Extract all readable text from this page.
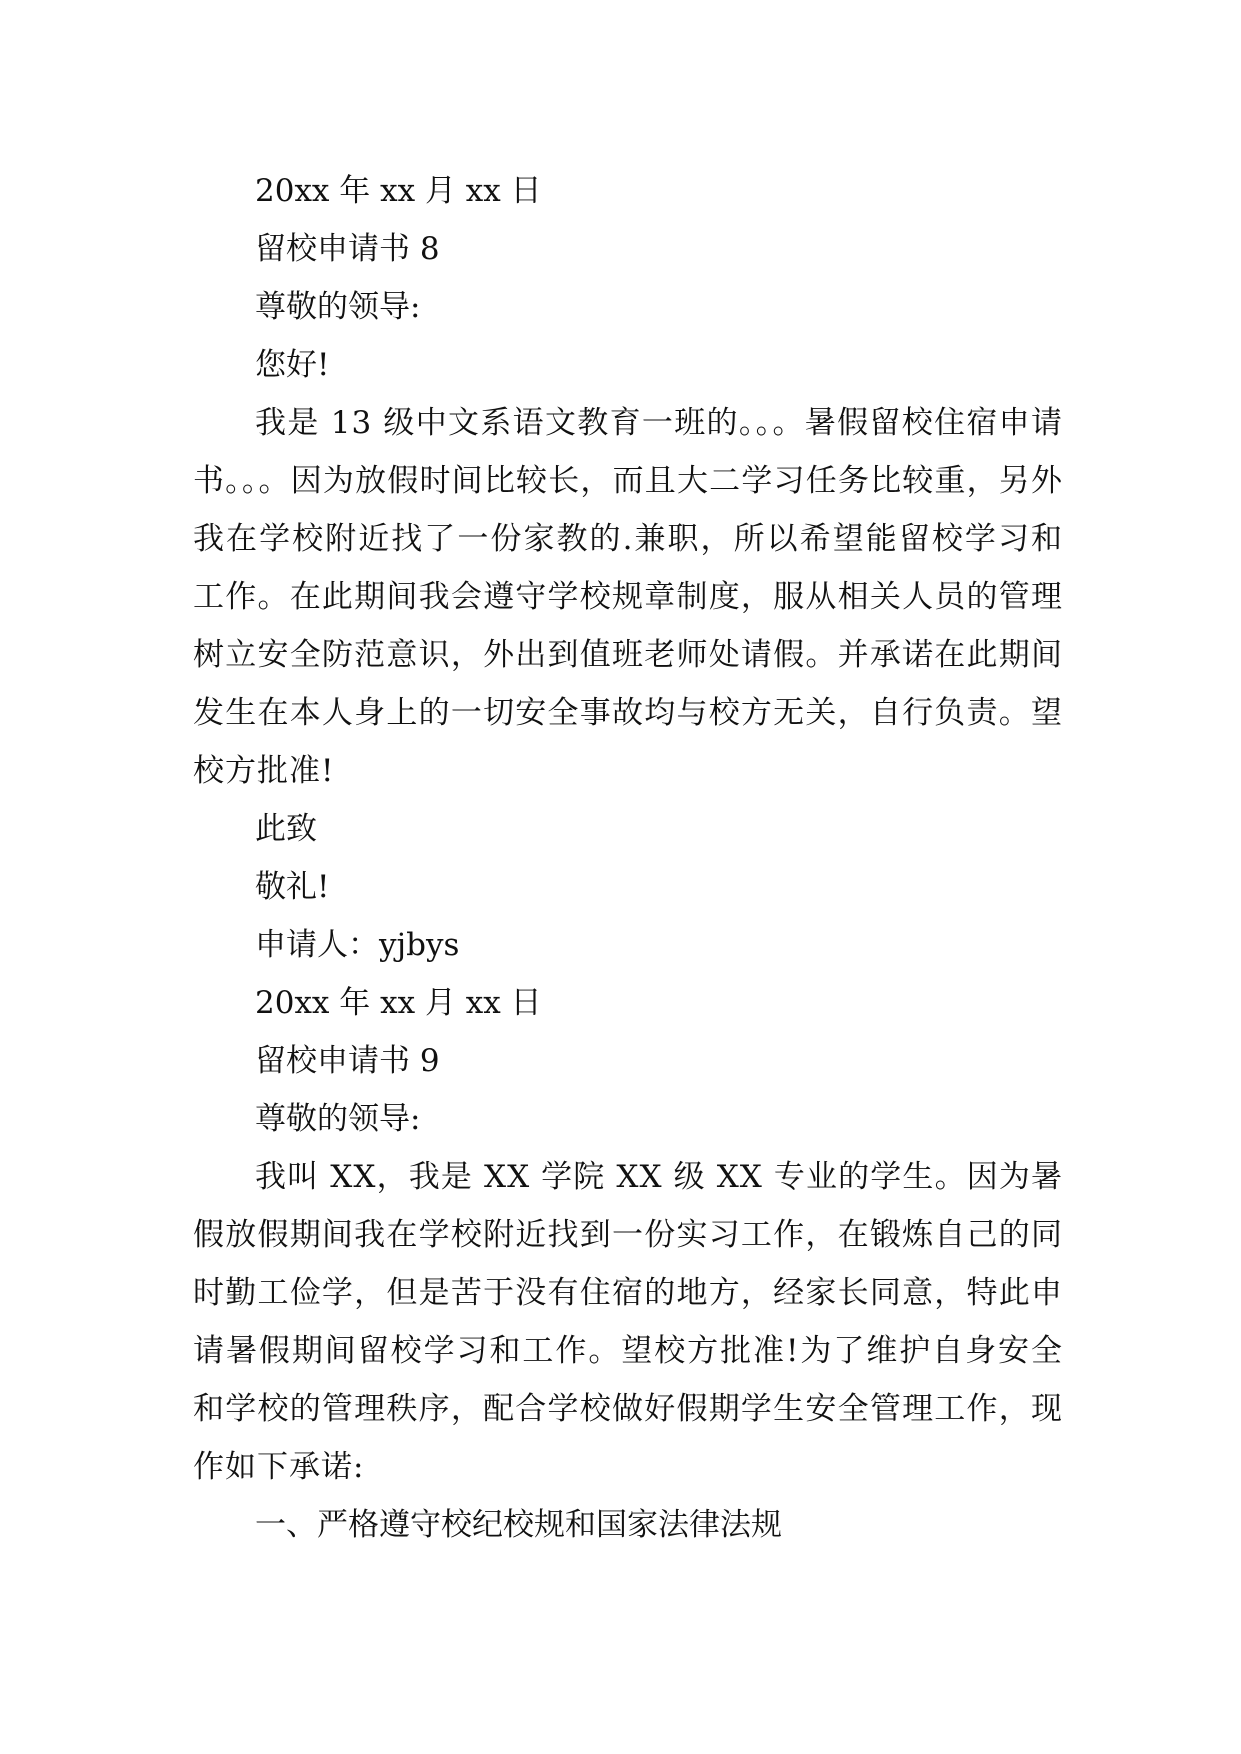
20xx 年 xx 月 xx 日

留校申请书 8

尊敬的领导:

您好!

我是 13 级中文系语文教育一班的。。。暑假留校住宿申请书。。。因为放假时间比较长，而且大二学习任务比较重，另外我在学校附近找了一份家教的.兼职，所以希望能留校学习和工作。在此期间我会遵守学校规章制度，服从相关人员的管理树立安全防范意识，外出到值班老师处请假。并承诺在此期间发生在本人身上的一切安全事故均与校方无关，自行负责。望校方批准!

此致

敬礼!

申请人：yjbys

20xx 年 xx 月 xx 日

留校申请书 9

尊敬的领导:

我叫 XX，我是 XX 学院 XX 级 XX 专业的学生。因为暑假放假期间我在学校附近找到一份实习工作，在锻炼自己的同时勤工俭学，但是苦于没有住宿的地方，经家长同意，特此申请暑假期间留校学习和工作。望校方批准!为了维护自身安全和学校的管理秩序，配合学校做好假期学生安全管理工作，现作如下承诺:

一、严格遵守校纪校规和国家法律法规
